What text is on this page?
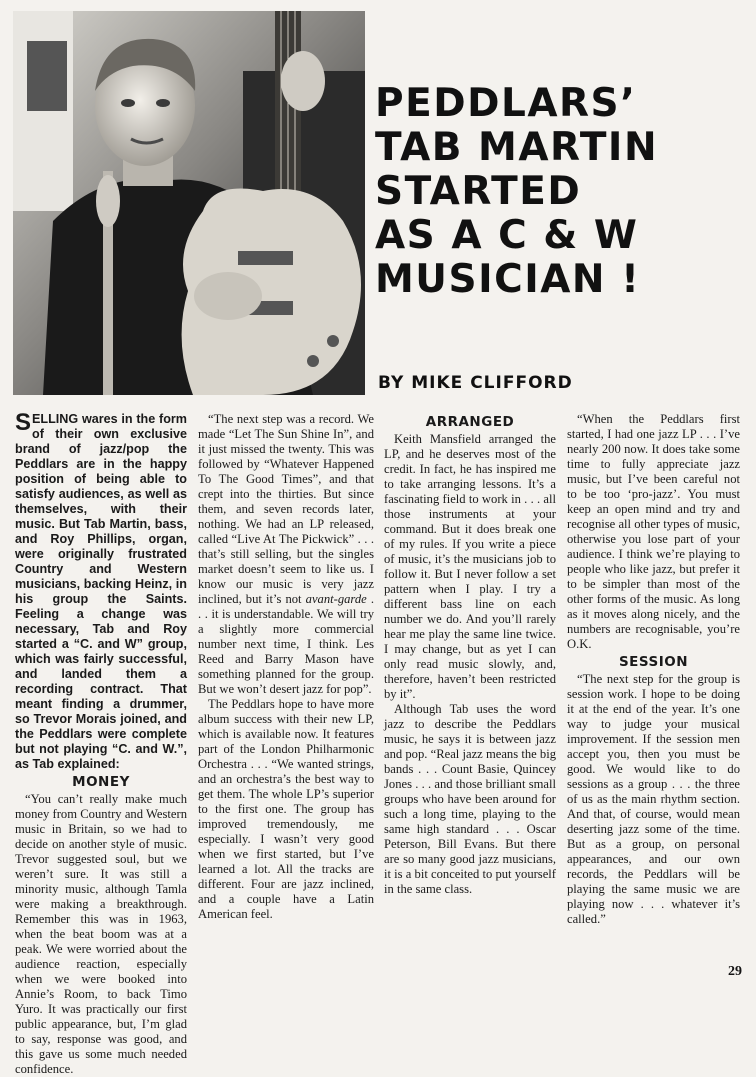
PEDDLARS’
TAB MARTIN
STARTED
AS A C & W
MUSICIAN !
BY MIKE CLIFFORD

SELLING wares in the form of their own exclusive brand of jazz/pop the Peddlars are in the happy position of being able to satisfy audiences, as well as themselves, with their music. But Tab Martin, bass, and Roy Phillips, organ, were originally frustrated Country and Western musicians, backing Heinz, in his group the Saints. Feeling a change was necessary, Tab and Roy started a “C. and W” group, which was fairly successful, and landed them a recording contract. That meant finding a drummer, so Trevor Morais joined, and the Peddlars were complete but not playing “C. and W.”, as Tab explained:

MONEY

“You can’t really make much money from Country and Western music in Britain, so we had to decide on another style of music. Trevor suggested soul, but we weren’t sure. It was still a minority music, although Tamla were making a breakthrough. Remember this was in 1963, when the beat boom was at a peak. We were worried about the audience reaction, especially when we were booked into Annie’s Room, to back Timo Yuro. It was practically our first public appearance, but, I’m glad to say, response was good, and this gave us some much needed confidence.

“The next step was a record. We made “Let The Sun Shine In”, and it just missed the twenty. This was followed by “Whatever Happened To The Good Times”, and that crept into the thirties. But since them, and seven records later, nothing. We had an LP released, called “Live At The Pickwick” . . . that’s still selling, but the singles market doesn’t seem to like us. I know our music is very jazz inclined, but it’s not avant-garde . . . it is understandable. We will try a slightly more commercial number next time, I think. Les Reed and Barry Mason have something planned for the group. But we won’t desert jazz for pop”.

The Peddlars hope to have more album success with their new LP, which is available now. It features part of the London Philharmonic Orchestra . . . “We wanted strings, and an orchestra’s the best way to get them. The whole LP’s superior to the first one. The group has improved tremendously, me especially. I wasn’t very good when we first started, but I’ve learned a lot. All the tracks are different. Four are jazz inclined, and a couple have a Latin American feel.

ARRANGED

Keith Mansfield arranged the LP, and he deserves most of the credit. In fact, he has inspired me to take arranging lessons. It’s a fascinating field to work in . . . all those instruments at your command. But it does break one of my rules. If you write a piece of music, it’s the musicians job to follow it. But I never follow a set pattern when I play. I try a different bass line on each number we do. And you’ll rarely hear me play the same line twice. I may change, but as yet I can only read music slowly, and, therefore, haven’t been restricted by it”.

Although Tab uses the word jazz to describe the Peddlars music, he says it is between jazz and pop. “Real jazz means the big bands . . . Count Basie, Quincey Jones . . . and those brilliant small groups who have been around for such a long time, playing to the same high standard . . . Oscar Peterson, Bill Evans. But there are so many good jazz musicians, it is a bit conceited to put yourself in the same class.

“When the Peddlars first started, I had one jazz LP . . . I’ve nearly 200 now. It does take some time to fully appreciate jazz music, but I’ve been careful not to be too ‘pro-jazz’. You must keep an open mind and try and recognise all other types of music, otherwise you lose part of your audience. I think we’re playing to people who like jazz, but prefer it to be simpler than most of the other forms of the music. As long as it moves along nicely, and the numbers are recognisable, you’re O.K.

SESSION

“The next step for the group is session work. I hope to be doing it at the end of the year. It’s one way to judge your musical improvement. If the session men accept you, then you must be good. We would like to do sessions as a group . . . the three of us as the main rhythm section. And that, of course, would mean deserting jazz some of the time. But as a group, on personal appearances, and our own records, the Peddlars will be playing the same music we are playing now . . . whatever it’s called.”

29
